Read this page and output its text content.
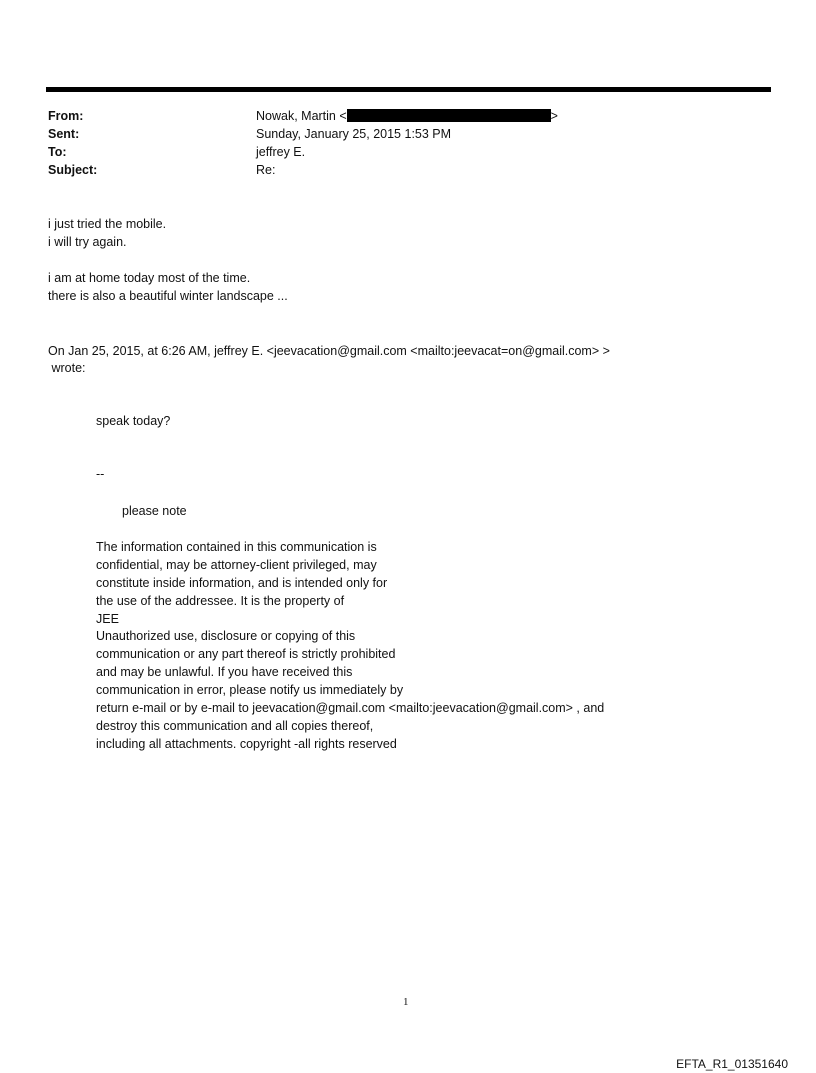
From:	Nowak, Martin <	>
Sent:	Sunday, January 25, 2015 1:53 PM
To:	jeffrey E.
Subject:	Re:
i just tried the mobile.
i will try again.
i am at home today most of the time.
there is also a beautiful winter landscape ...
On Jan 25, 2015, at 6:26 AM, jeffrey E. <jeevacation@gmail.com <mailto:jeevacat=on@gmail.com> >
wrote:
speak today?
--
please note
The information contained in this communication is
confidential, may be attorney-client privileged, may
constitute inside information, and is intended only for
the use of the addressee. It is the property of
JEE
Unauthorized use, disclosure or copying of this
communication or any part thereof is strictly prohibited
and may be unlawful. If you have received this
communication in error, please notify us immediately by
return e-mail or by e-mail to jeevacation@gmail.com <mailto:jeevacation@gmail.com> , and
destroy this communication and all copies thereof,
including all attachments. copyright -all rights reserved
1
EFTA_R1_01351640
